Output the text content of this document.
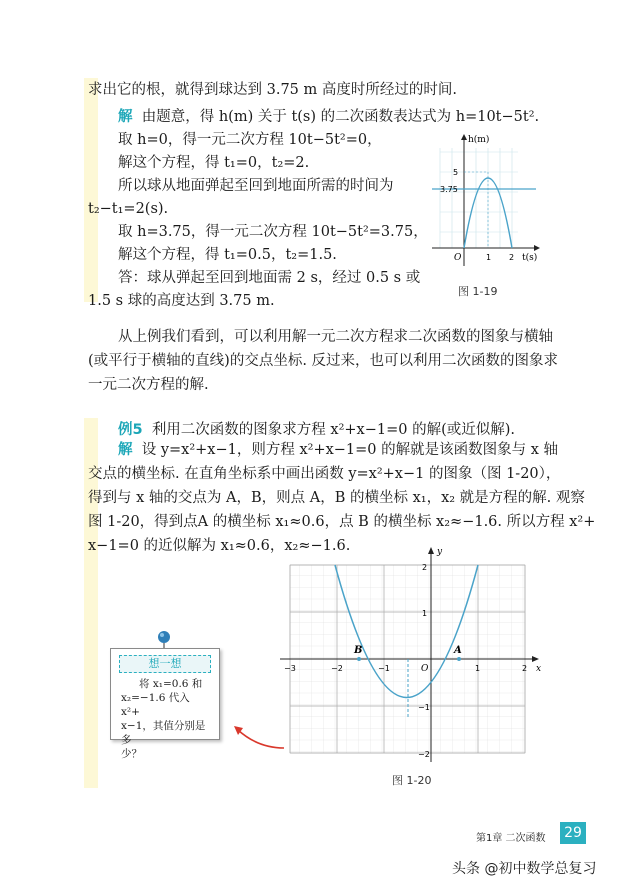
求出它的根，就得到球达到 3.75 m 高度时所经过的时间.
解 由题意，得 h(m) 关于 t(s) 的二次函数表达式为 h=10t−5t².
取 h=0，得一元二次方程 10t−5t²=0，
解这个方程，得 t₁=0，t₂=2.
所以球从地面弹起至回到地面所需的时间为
t₂−t₁=2(s).
取 h=3.75，得一元二次方程 10t−5t²=3.75，
解这个方程，得 t₁=0.5，t₂=1.5.
答：球从弹起至回到地面需 2 s，经过 0.5 s 或
1.5 s 球的高度达到 3.75 m.
h(m)
5
3.75
O	1 2 t(s)
图 1-19
从上例我们看到，可以利用解一元二次方程求二次函数的图象与横轴
(或平行于横轴的直线)的交点坐标. 反过来，也可以利用二次函数的图象求
一元二次方程的解.
例5 利用二次函数的图象求方程 x²+x−1=0 的解(或近似解).
解 设 y=x²+x−1，则方程 x²+x−1=0 的解就是该函数图象与 x 轴
交点的横坐标. 在直角坐标系中画出函数 y=x²+x−1 的图象（图 1-20），
得到与 x 轴的交点为 A，B，则点 A，B 的横坐标 x₁，x₂ 就是方程的解. 观察
图 1-20，得到点A 的横坐标 x₁≈0.6，点 B 的横坐标 x₂≈−1.6. 所以方程 x²+
x−1=0 的近似解为 x₁≈0.6，x₂≈−1.6.
B	A
O
−3	−2	−1	1	2 x
2
1
−1
−2
y
图 1-20
想一想
将 x₁=0.6 和
x₂=−1.6 代入 x²+
x−1，其值分别是多
少？
第1章 二次函数 29
头条 @初中数学总复习
